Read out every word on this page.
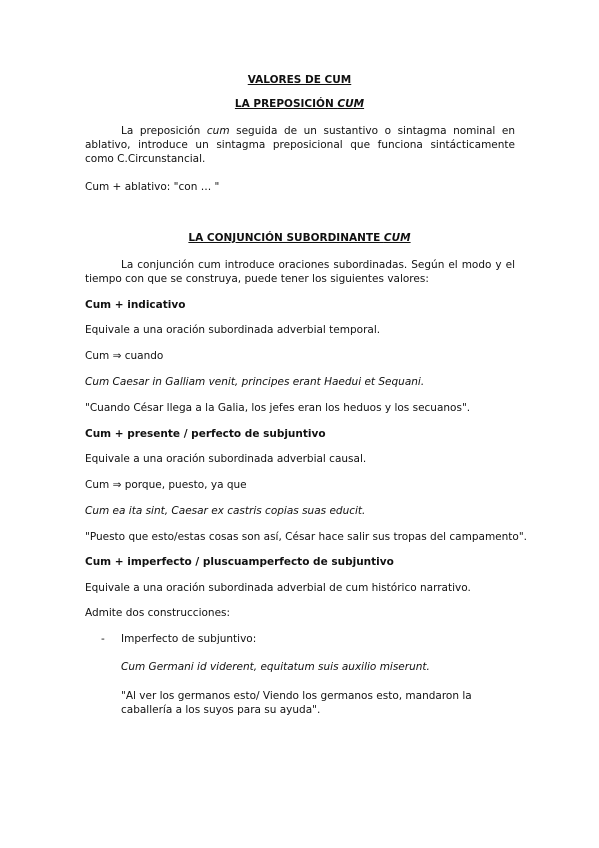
VALORES DE CUM
LA PREPOSICIÓN CUM
La preposición cum seguida de un sustantivo o sintagma nominal en ablativo, introduce un sintagma preposicional que funciona sintácticamente como C.Circunstancial.
Cum + ablativo: "con … "
LA CONJUNCIÓN SUBORDINANTE CUM
La conjunción cum introduce oraciones subordinadas. Según el modo y el tiempo con que se construya, puede tener los siguientes valores:
Cum + indicativo
Equivale a una oración subordinada adverbial temporal.
Cum ⇒ cuando
Cum Caesar in Galliam venit, principes erant Haedui et Sequani.
"Cuando César llega a la Galia, los jefes eran los heduos y los secuanos".
Cum + presente / perfecto de subjuntivo
Equivale a una oración subordinada adverbial causal.
Cum ⇒ porque, puesto, ya que
Cum ea ita sint, Caesar ex castris copias suas educit.
"Puesto que esto/estas cosas son así, César hace salir sus tropas del campamento".
Cum + imperfecto / pluscuamperfecto de subjuntivo
Equivale a una oración subordinada adverbial de cum histórico narrativo.
Admite dos construcciones:
- Imperfecto de subjuntivo:
Cum Germani id viderent, equitatum suis auxilio miserunt.
"Al ver los germanos esto/ Viendo los germanos esto, mandaron la caballería a los suyos para su ayuda".
